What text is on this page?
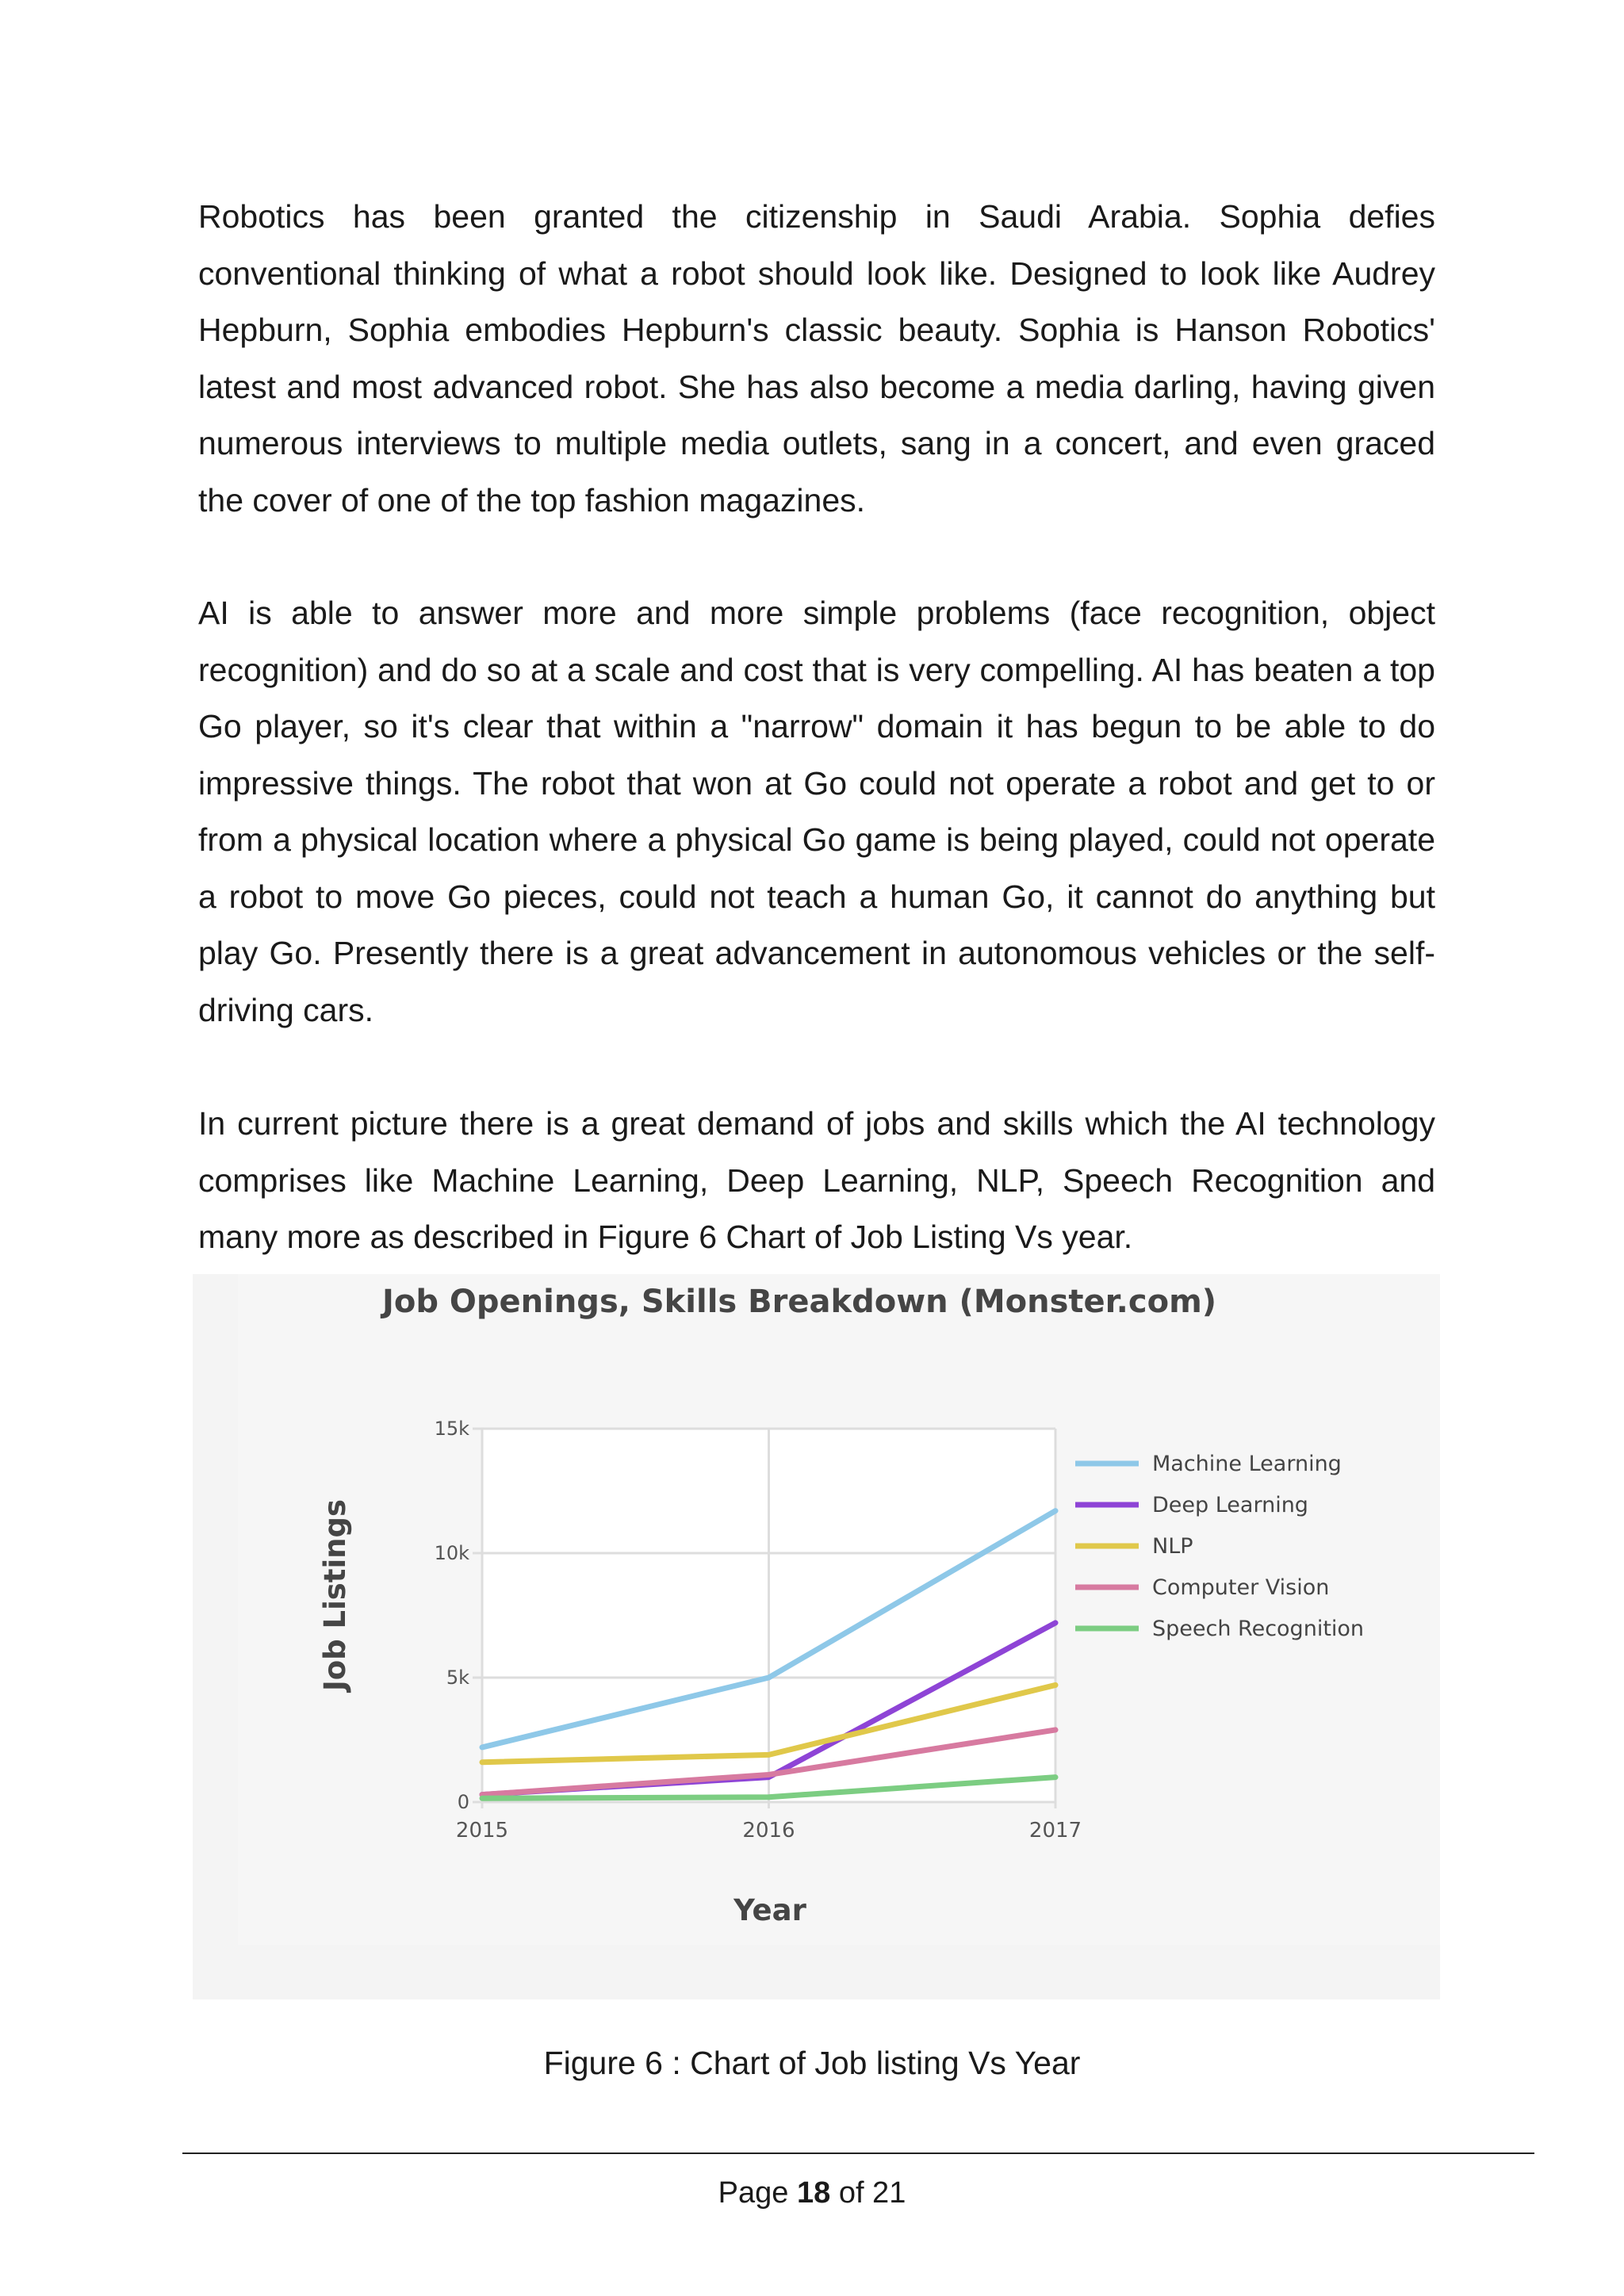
Robotics has been granted the citizenship in Saudi Arabia. Sophia defies conventional thinking of what a robot should look like. Designed to look like Audrey Hepburn, Sophia embodies Hepburn's classic beauty. Sophia is Hanson Robotics' latest and most advanced robot. She has also become a media darling, having given numerous interviews to multiple media outlets, sang in a concert, and even graced the cover of one of the top fashion magazines.

AI is able to answer more and more simple problems (face recognition, object recognition) and do so at a scale and cost that is very compelling. AI has beaten a top Go player, so it's clear that within a "narrow" domain it has begun to be able to do impressive things. The robot that won at Go could not operate a robot and get to or from a physical location where a physical Go game is being played, could not operate a robot to move Go pieces, could not teach a human Go, it cannot do anything but play Go. Presently there is a great advancement in autonomous vehicles or the self-driving cars.

In current picture there is a great demand of jobs and skills which the AI technology comprises like Machine Learning, Deep Learning, NLP, Speech Recognition and many more as described in Figure 6 Chart of Job Listing Vs year.

Job Openings, Skills Breakdown (Monster.com)
0
5k
10k
15k
2015	2016	2017
Machine Learning
Deep Learning
NLP
Computer Vision
Speech Recognition
Job Listings
Year

Figure 6 : Chart of Job listing Vs Year

Page 18 of 21
